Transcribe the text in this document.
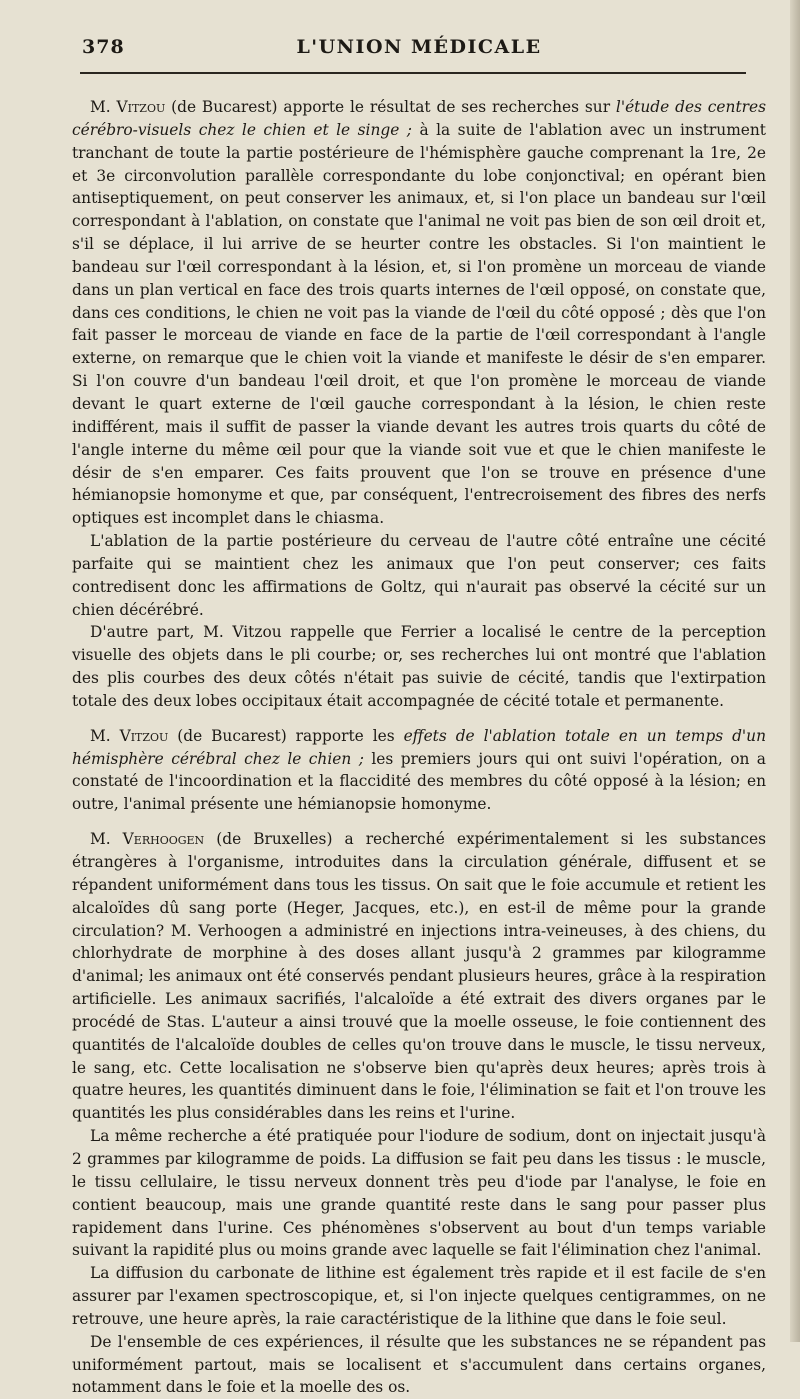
378	L'UNION MÉDICALE

M. Vitzou (de Bucarest) apporte le résultat de ses recherches sur l'étude des centres cérébro-visuels chez le chien et le singe ; à la suite de l'ablation avec un instrument tranchant de toute la partie postérieure de l'hémisphère gauche comprenant la 1re, 2e et 3e circonvolution parallèle correspondante du lobe conjonctival; en opérant bien antiseptiquement, on peut conserver les animaux, et, si l'on place un bandeau sur l'œil correspondant à l'ablation, on constate que l'animal ne voit pas bien de son œil droit et, s'il se déplace, il lui arrive de se heurter contre les obstacles. Si l'on maintient le bandeau sur l'œil correspondant à la lésion, et, si l'on promène un morceau de viande dans un plan vertical en face des trois quarts internes de l'œil opposé, on constate que, dans ces conditions, le chien ne voit pas la viande de l'œil du côté opposé ; dès que l'on fait passer le morceau de viande en face de la partie de l'œil correspondant à l'angle externe, on remarque que le chien voit la viande et manifeste le désir de s'en emparer. Si l'on couvre d'un bandeau l'œil droit, et que l'on promène le morceau de viande devant le quart externe de l'œil gauche correspondant à la lésion, le chien reste indifférent, mais il suffit de passer la viande devant les autres trois quarts du côté de l'angle interne du même œil pour que la viande soit vue et que le chien manifeste le désir de s'en emparer. Ces faits prouvent que l'on se trouve en présence d'une hémianopsie homonyme et que, par conséquent, l'entrecroisement des fibres des nerfs optiques est incomplet dans le chiasma.

L'ablation de la partie postérieure du cerveau de l'autre côté entraîne une cécité parfaite qui se maintient chez les animaux que l'on peut conserver; ces faits contredisent donc les affirmations de Goltz, qui n'aurait pas observé la cécité sur un chien décérébré.

D'autre part, M. Vitzou rappelle que Ferrier a localisé le centre de la perception visuelle des objets dans le pli courbe; or, ses recherches lui ont montré que l'ablation des plis courbes des deux côtés n'était pas suivie de cécité, tandis que l'extirpation totale des deux lobes occipitaux était accompagnée de cécité totale et permanente.

M. Vitzou (de Bucarest) rapporte les effets de l'ablation totale en un temps d'un hémisphère cérébral chez le chien ; les premiers jours qui ont suivi l'opération, on a constaté de l'incoordination et la flaccidité des membres du côté opposé à la lésion; en outre, l'animal présente une hémianopsie homonyme.

M. Verhoogen (de Bruxelles) a recherché expérimentalement si les substances étrangères à l'organisme, introduites dans la circulation générale, diffusent et se répandent uniformément dans tous les tissus. On sait que le foie accumule et retient les alcaloïdes dû sang porte (Heger, Jacques, etc.), en est-il de même pour la grande circulation? M. Verhoogen a administré en injections intra-veineuses, à des chiens, du chlorhydrate de morphine à des doses allant jusqu'à 2 grammes par kilogramme d'animal; les animaux ont été conservés pendant plusieurs heures, grâce à la respiration artificielle. Les animaux sacrifiés, l'alcaloïde a été extrait des divers organes par le procédé de Stas. L'auteur a ainsi trouvé que la moelle osseuse, le foie contiennent des quantités de l'alcaloïde doubles de celles qu'on trouve dans le muscle, le tissu nerveux, le sang, etc. Cette localisation ne s'observe bien qu'après deux heures; après trois à quatre heures, les quantités diminuent dans le foie, l'élimination se fait et l'on trouve les quantités les plus considérables dans les reins et l'urine.

La même recherche a été pratiquée pour l'iodure de sodium, dont on injectait jusqu'à 2 grammes par kilogramme de poids. La diffusion se fait peu dans les tissus : le muscle, le tissu cellulaire, le tissu nerveux donnent très peu d'iode par l'analyse, le foie en contient beaucoup, mais une grande quantité reste dans le sang pour passer plus rapidement dans l'urine. Ces phénomènes s'observent au bout d'un temps variable suivant la rapidité plus ou moins grande avec laquelle se fait l'élimination chez l'animal.

La diffusion du carbonate de lithine est également très rapide et il est facile de s'en assurer par l'examen spectroscopique, et, si l'on injecte quelques centigrammes, on ne retrouve, une heure après, la raie caractéristique de la lithine que dans le foie seul.

De l'ensemble de ces expériences, il résulte que les substances ne se répandent pas uniformément partout, mais se localisent et s'accumulent dans certains organes, notamment dans le foie et la moelle des os.
